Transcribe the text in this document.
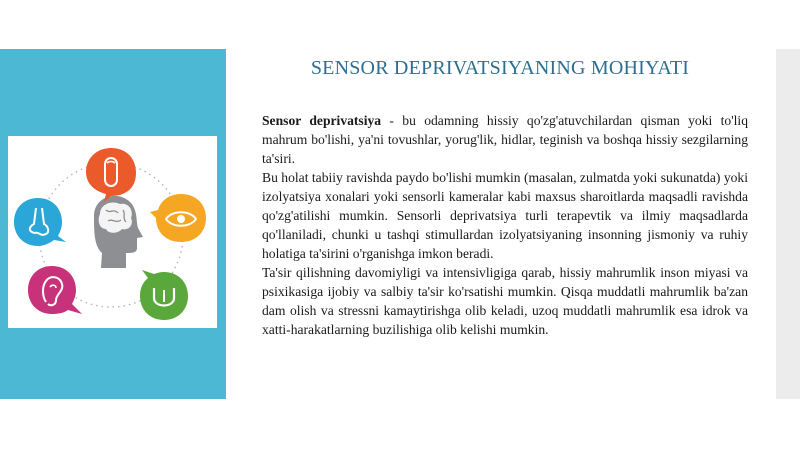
SENSOR DEPRIVATSIYANING MOHIYATI

Sensor deprivatsiya - bu odamning hissiy qo'zg'atuvchilardan qisman yoki to'liq mahrum bo'lishi, ya'ni tovushlar, yorug'lik, hidlar, teginish va boshqa hissiy sezgilarning ta'siri.

Bu holat tabiiy ravishda paydo bo'lishi mumkin (masalan, zulmatda yoki sukunatda) yoki izolyatsiya xonalari yoki sensorli kameralar kabi maxsus sharoitlarda maqsadli ravishda qo'zg'atilishi mumkin. Sensorli deprivatsiya turli terapevtik va ilmiy maqsadlarda qo'llaniladi, chunki u tashqi stimullardan izolyatsiyaning insonning jismoniy va ruhiy holatiga ta'sirini o'rganishga imkon beradi.

Ta'sir qilishning davomiyligi va intensivligiga qarab, hissiy mahrumlik inson miyasi va psixikasiga ijobiy va salbiy ta'sir ko'rsatishi mumkin. Qisqa muddatli mahrumlik ba'zan dam olish va stressni kamaytirishga olib keladi, uzoq muddatli mahrumlik esa idrok va xatti-harakatlarning buzilishiga olib kelishi mumkin.
